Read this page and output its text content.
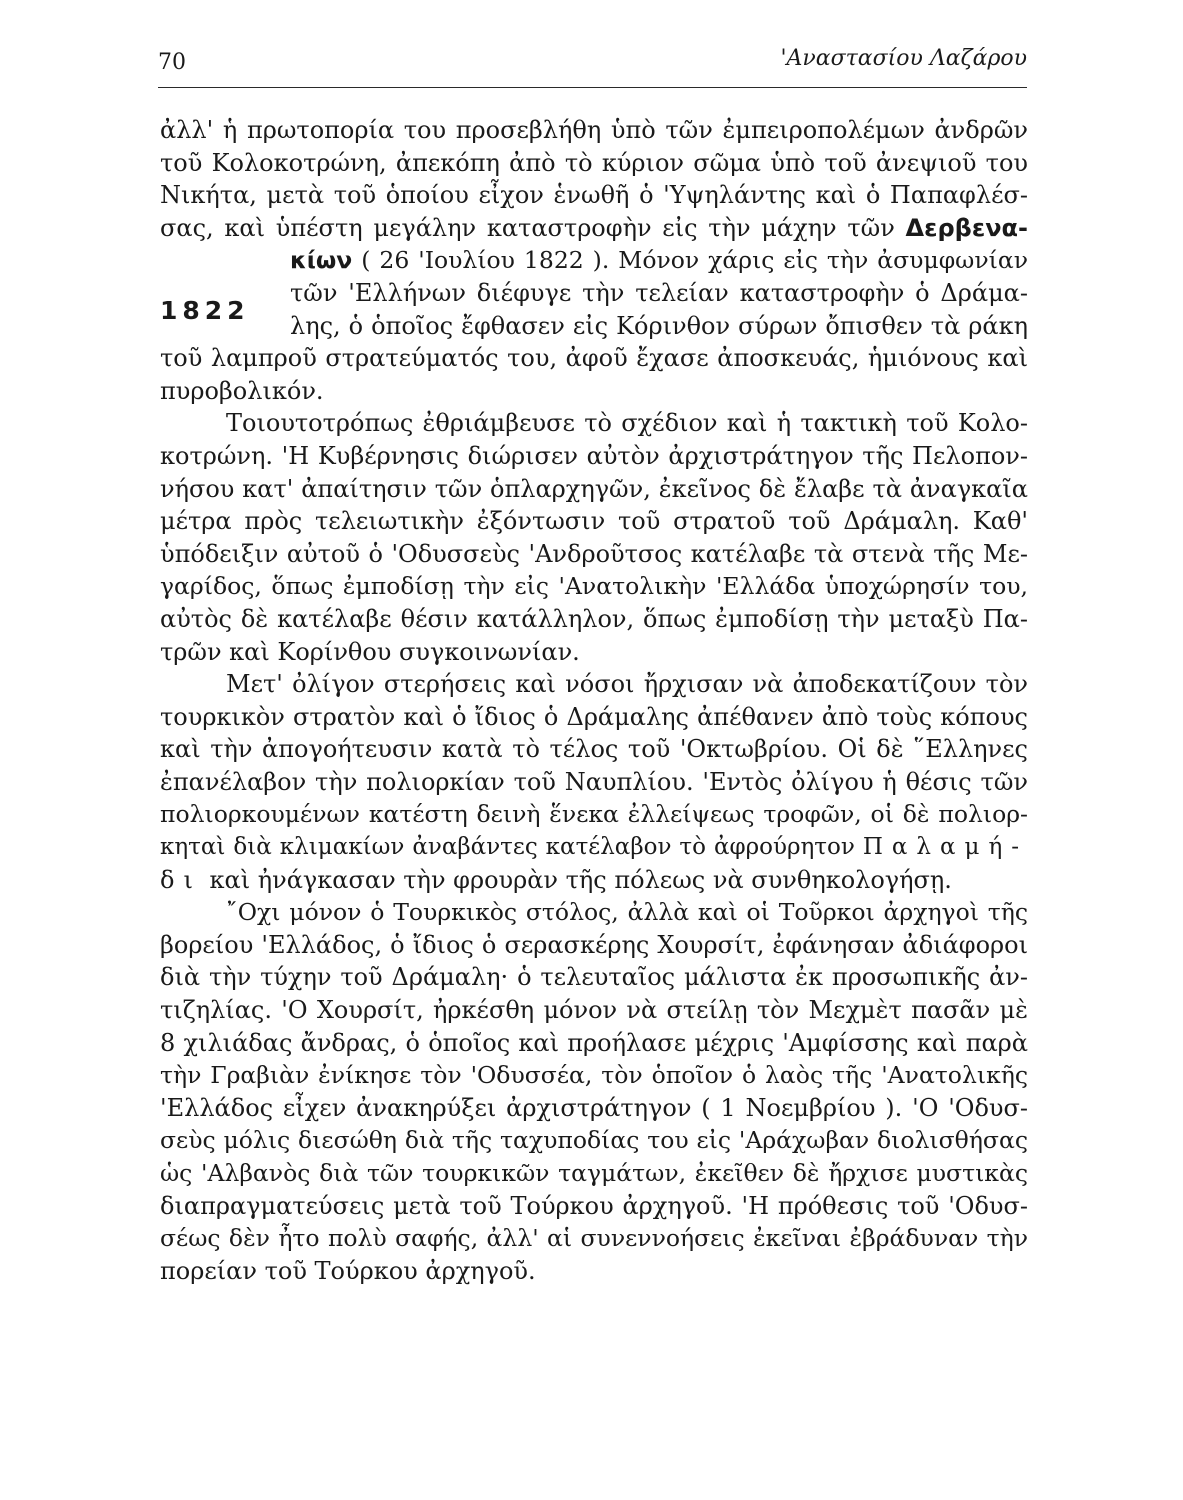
70	'Αναστασίου Λαζάρου
1822

ἀλλ' ἡ πρωτοπορία του προσεβλήθη ὑπὸ τῶν ἐμπειροπολέμων ἀνδρῶν
τοῦ Κολοκοτρώνη, ἀπεκόπη ἀπὸ τὸ κύριον σῶμα ὑπὸ τοῦ ἀνεψιοῦ του
Νικήτα, μετὰ τοῦ ὁποίου εἶχον ἑνωθῆ ὁ 'Υψηλάντης καὶ ὁ Παπαφλέσ-
σας, καὶ ὑπέστη μεγάλην καταστροφὴν εἰς τὴν μάχην τῶν Δερβενα-
κίων ( 26 'Ιουλίου 1822 ). Μόνον χάρις εἰς τὴν ἀσυμφωνίαν
τῶν 'Ελλήνων διέφυγε τὴν τελείαν καταστροφὴν ὁ Δράμα-
λης, ὁ ὁποῖος ἔφθασεν εἰς Κόρινθον σύρων ὄπισθεν τὰ ράκη
τοῦ λαμπροῦ στρατεύματός του, ἀφοῦ ἔχασε ἀποσκευάς, ἡμιόνους καὶ
πυροβολικόν.

Τοιουτοτρόπως ἐθριάμβευσε τὸ σχέδιον καὶ ἡ τακτικὴ τοῦ Κολο-
κοτρώνη. 'Η Κυβέρνησις διώρισεν αὐτὸν ἀρχιστράτηγον τῆς Πελοπον-
νήσου κατ' ἀπαίτησιν τῶν ὁπλαρχηγῶν, ἐκεῖνος δὲ ἔλαβε τὰ ἀναγκαῖα
μέτρα πρὸς τελειωτικὴν ἐξόντωσιν τοῦ στρατοῦ τοῦ Δράμαλη. Καθ'
ὑπόδειξιν αὐτοῦ ὁ 'Οδυσσεὺς 'Ανδροῦτσος κατέλαβε τὰ στενὰ τῆς Με-
γαρίδος, ὅπως ἐμποδίσῃ τὴν εἰς 'Ανατολικὴν 'Ελλάδα ὑποχώρησίν του,
αὐτὸς δὲ κατέλαβε θέσιν κατάλληλον, ὅπως ἐμποδίσῃ τὴν μεταξὺ Πα-
τρῶν καὶ Κορίνθου συγκοινωνίαν.

Μετ' ὀλίγον στερήσεις καὶ νόσοι ἤρχισαν νὰ ἀποδεκατίζουν τὸν
τουρκικὸν στρατὸν καὶ ὁ ἴδιος ὁ Δράμαλης ἀπέθανεν ἀπὸ τοὺς κόπους
καὶ τὴν ἀπογοήτευσιν κατὰ τὸ τέλος τοῦ 'Οκτωβρίου. Οἱ δὲ ῞Ελληνες
ἐπανέλαβον τὴν πολιορκίαν τοῦ Ναυπλίου. 'Εντὸς ὀλίγου ἡ θέσις τῶν
πολιορκουμένων κατέστη δεινὴ ἕνεκα ἐλλείψεως τροφῶν, οἱ δὲ πολιορ-
κηταὶ διὰ κλιμακίων ἀναβάντες κατέλαβον τὸ ἀφρούρητον Παλαμή-
δι καὶ ἠνάγκασαν τὴν φρουρὰν τῆς πόλεως νὰ συνθηκολογήσῃ.

῎Οχι μόνον ὁ Τουρκικὸς στόλος, ἀλλὰ καὶ οἱ Τοῦρκοι ἀρχηγοὶ τῆς
βορείου 'Ελλάδος, ὁ ἴδιος ὁ σερασκέρης Χουρσίτ, ἐφάνησαν ἀδιάφοροι
διὰ τὴν τύχην τοῦ Δράμαλη· ὁ τελευταῖος μάλιστα ἐκ προσωπικῆς ἀν-
τιζηλίας. 'Ο Χουρσίτ, ἠρκέσθη μόνον νὰ στείλῃ τὸν Μεχμὲτ πασᾶν μὲ
8 χιλιάδας ἄνδρας, ὁ ὁποῖος καὶ προήλασε μέχρις 'Αμφίσσης καὶ παρὰ
τὴν Γραβιὰν ἐνίκησε τὸν 'Οδυσσέα, τὸν ὁποῖον ὁ λαὸς τῆς 'Ανατολικῆς
'Ελλάδος εἶχεν ἀνακηρύξει ἀρχιστράτηγον ( 1 Νοεμβρίου ). 'Ο 'Οδυσ-
σεὺς μόλις διεσώθη διὰ τῆς ταχυποδίας του εἰς 'Αράχωβαν διολισθήσας
ὡς 'Αλβανὸς διὰ τῶν τουρκικῶν ταγμάτων, ἐκεῖθεν δὲ ἤρχισε μυστικὰς
διαπραγματεύσεις μετὰ τοῦ Τούρκου ἀρχηγοῦ. 'Η πρόθεσις τοῦ 'Οδυσ-
σέως δὲν ἦτο πολὺ σαφής, ἀλλ' αἱ συνεννοήσεις ἐκεῖναι ἐβράδυναν τὴν
πορείαν τοῦ Τούρκου ἀρχηγοῦ.
